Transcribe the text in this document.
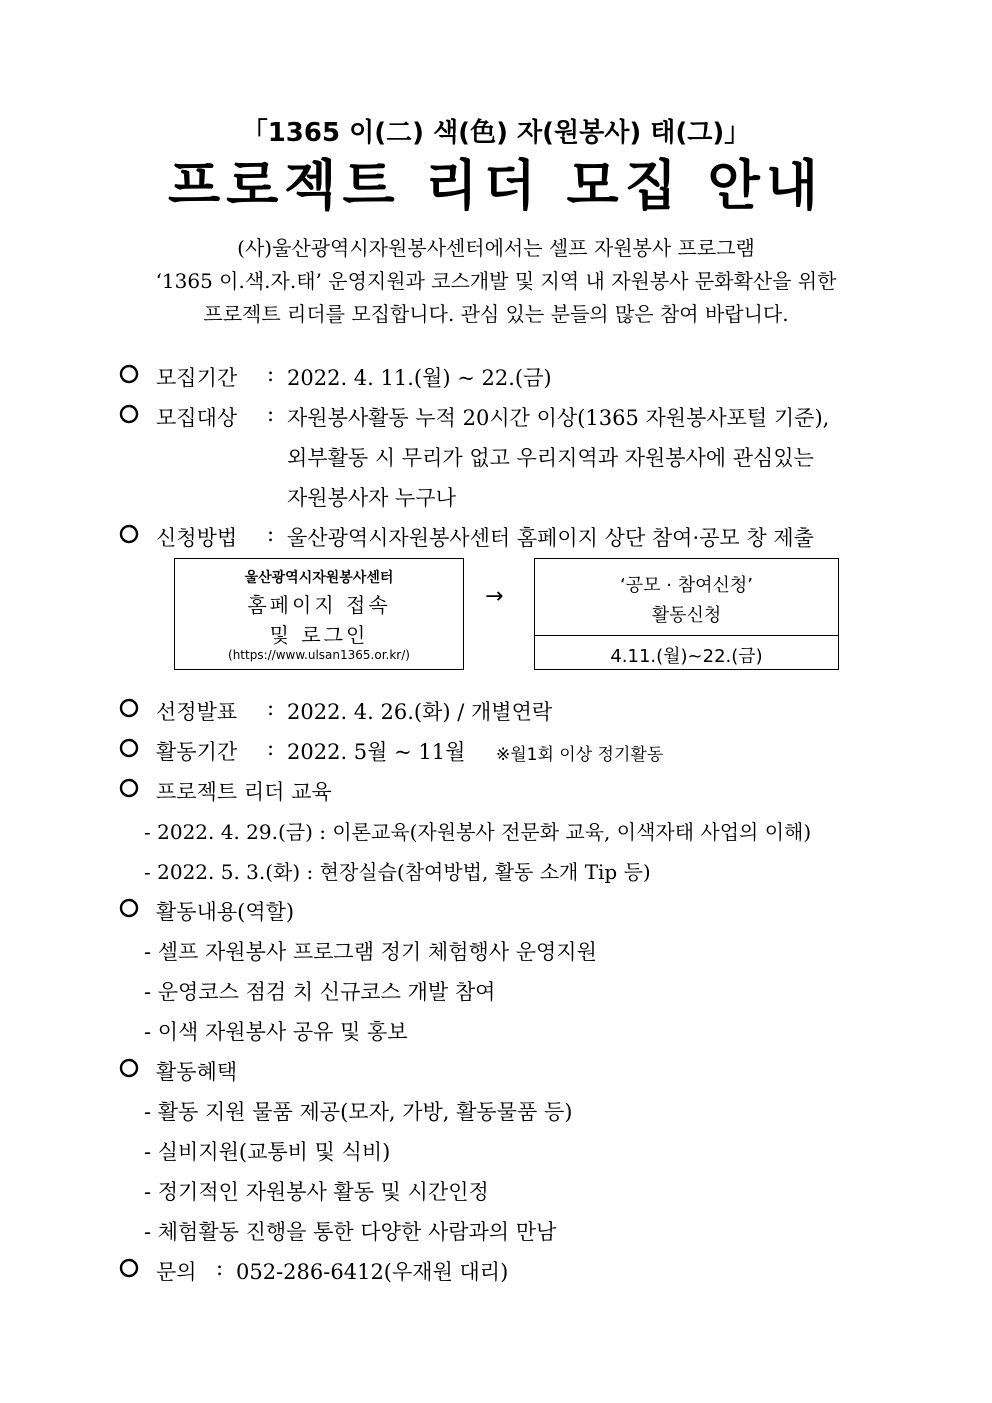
「1365 이(二) 색(色) 자(원봉사) 태(그)」
프로젝트 리더 모집 안내
(사)울산광역시자원봉사센터에서는 셀프 자원봉사 프로그램
‘1365 이.색.자.태’ 운영지원과 코스개발 및 지역 내 자원봉사 문화확산을 위한
프로젝트 리더를 모집합니다. 관심 있는 분들의 많은 참여 바랍니다.
모집기간 : 2022. 4. 11.(월) ~ 22.(금)
모집대상 : 자원봉사활동 누적 20시간 이상(1365 자원봉사포털 기준),
외부활동 시 무리가 없고 우리지역과 자원봉사에 관심있는
자원봉사자 누구나
신청방법 : 울산광역시자원봉사센터 홈페이지 상단 참여·공모 창 제출
울산광역시자원봉사센터
홈페이지 접속
및 로그인
(https://www.ulsan1365.or.kr/)
→	‘공모 · 참여신청’
활동신청
4.11.(월)~22.(금)
선정발표 : 2022. 4. 26.(화) / 개별연락
활동기간 : 2022. 5월 ~ 11월 ※월1회 이상 정기활동
프로젝트 리더 교육
- 2022. 4. 29.(금) : 이론교육(자원봉사 전문화 교육, 이색자태 사업의 이해)
- 2022. 5. 3.(화) : 현장실습(참여방법, 활동 소개 Tip 등)
활동내용(역할)
- 셀프 자원봉사 프로그램 정기 체험행사 운영지원
- 운영코스 점검 치 신규코스 개발 참여
- 이색 자원봉사 공유 및 홍보
활동혜택
- 활동 지원 물품 제공(모자, 가방, 활동물품 등)
- 실비지원(교통비 및 식비)
- 정기적인 자원봉사 활동 및 시간인정
- 체험활동 진행을 통한 다양한 사람과의 만남
문의 : 052-286-6412(우재원 대리)
